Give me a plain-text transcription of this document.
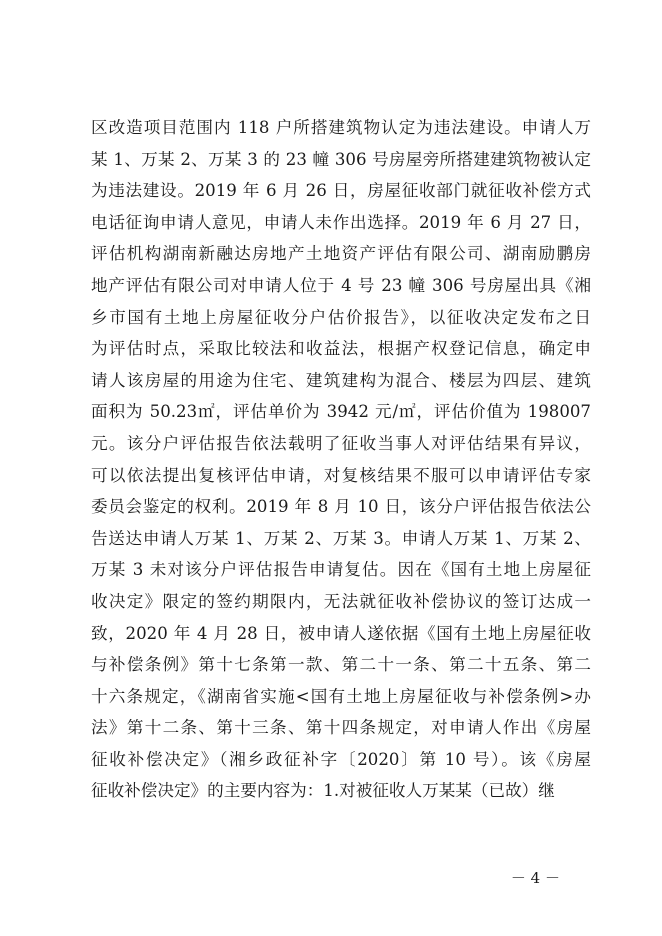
区改造项目范围内 118 户所搭建筑物认定为违法建设。申请人万
某 1、万某 2、万某 3 的 23 幢 306 号房屋旁所搭建建筑物被认定
为违法建设。2019 年 6 月 26 日，房屋征收部门就征收补偿方式
电话征询申请人意见，申请人未作出选择。2019 年 6 月 27 日，
评估机构湖南新融达房地产土地资产评估有限公司、湖南励鹏房
地产评估有限公司对申请人位于 4 号 23 幢 306 号房屋出具《湘
乡市国有土地上房屋征收分户估价报告》，以征收决定发布之日
为评估时点，采取比较法和收益法，根据产权登记信息，确定申
请人该房屋的用途为住宅、建筑建构为混合、楼层为四层、建筑
面积为 50.23㎡，评估单价为 3942 元/㎡，评估价值为 198007
元。该分户评估报告依法载明了征收当事人对评估结果有异议，
可以依法提出复核评估申请，对复核结果不服可以申请评估专家
委员会鉴定的权利。2019 年 8 月 10 日，该分户评估报告依法公
告送达申请人万某 1、万某 2、万某 3。申请人万某 1、万某 2、
万某 3 未对该分户评估报告申请复估。因在《国有土地上房屋征
收决定》限定的签约期限内，无法就征收补偿协议的签订达成一
致，2020 年 4 月 28 日，被申请人遂依据《国有土地上房屋征收
与补偿条例》第十七条第一款、第二十一条、第二十五条、第二
十六条规定，《湖南省实施<国有土地上房屋征收与补偿条例>办
法》第十二条、第十三条、第十四条规定，对申请人作出《房屋
征收补偿决定》（湘乡政征补字〔2020〕第 10 号）。该《房屋
征收补偿决定》的主要内容为：1.对被征收人万某某（已故）继
－ 4 －
